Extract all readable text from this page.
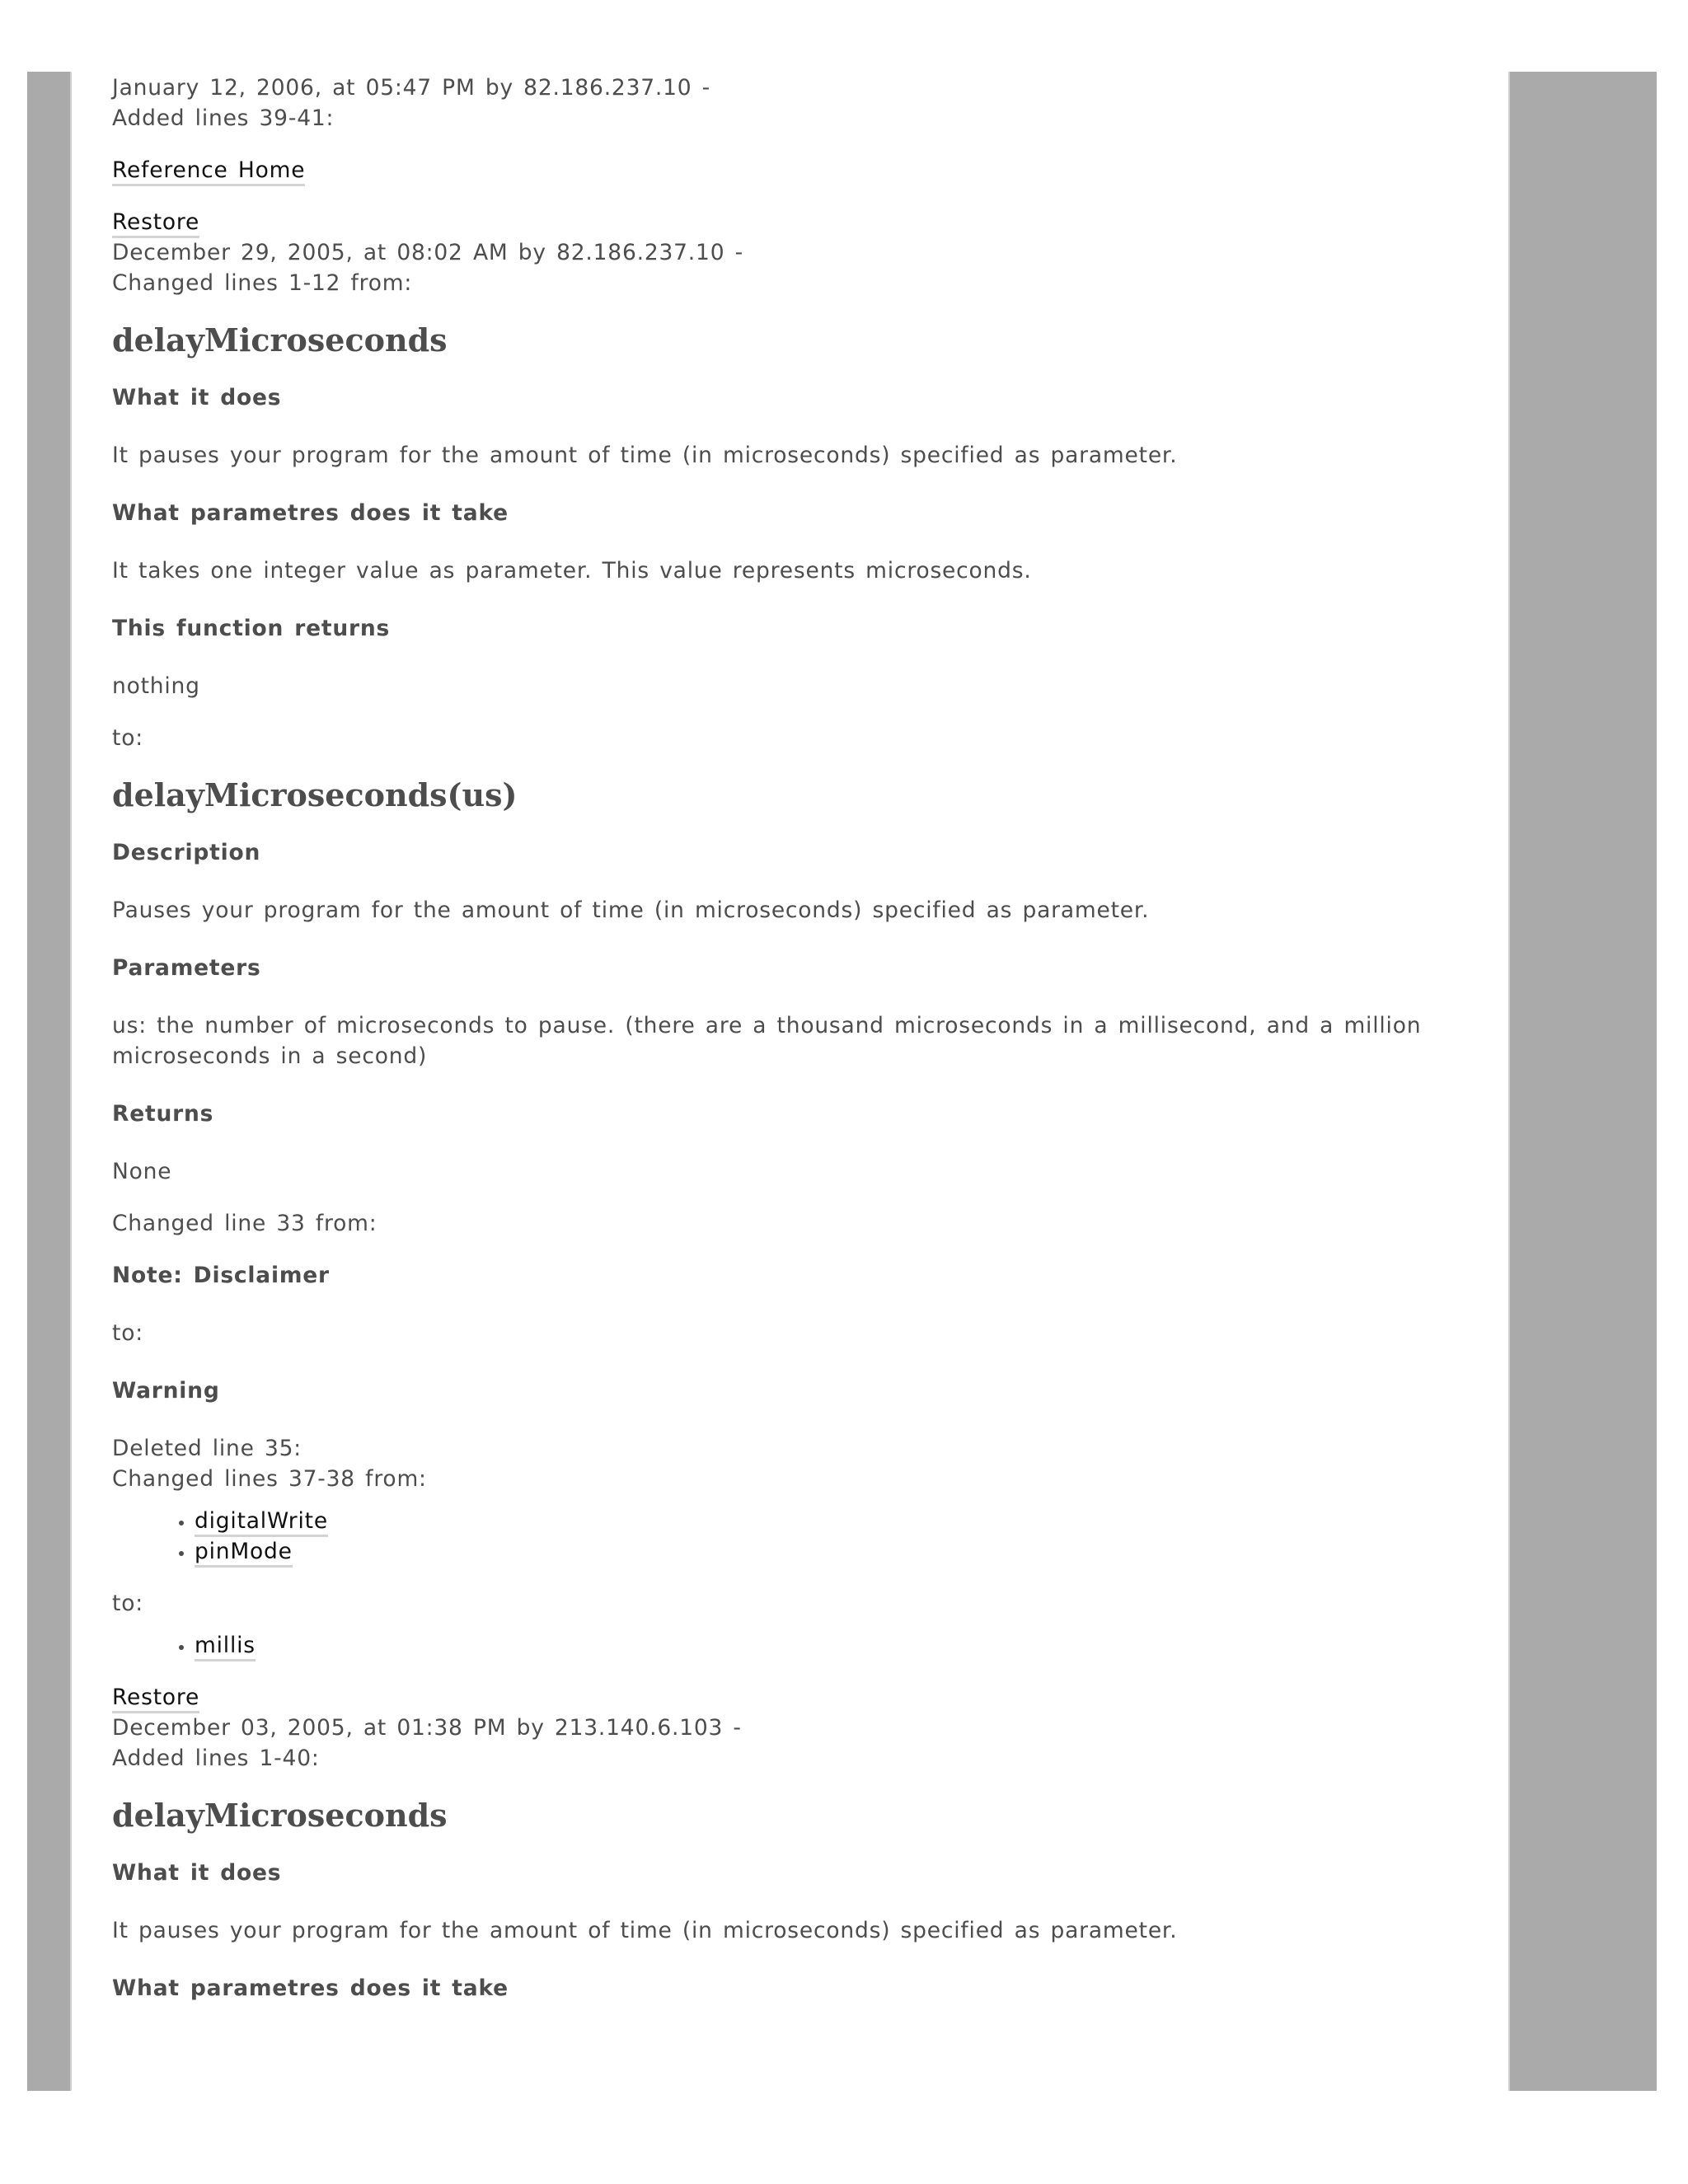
January 12, 2006, at 05:47 PM by 82.186.237.10 -

Added lines 39-41:

Reference Home

Restore

December 29, 2005, at 08:02 AM by 82.186.237.10 -

Changed lines 1-12 from:

delayMicroseconds
What it does

It pauses your program for the amount of time (in microseconds) specified as parameter.

What parametres does it take

It takes one integer value as parameter. This value represents microseconds.

This function returns

nothing

to:

delayMicroseconds(us)
Description

Pauses your program for the amount of time (in microseconds) specified as parameter.

Parameters

us: the number of microseconds to pause. (there are a thousand microseconds in a millisecond, and a million microseconds in a second)

Returns

None

Changed line 33 from:

Note: Disclaimer

to:

Warning

Deleted line 35:

Changed lines 37-38 from:

• digitalWrite
• pinMode

to:

• millis

Restore

December 03, 2005, at 01:38 PM by 213.140.6.103 -

Added lines 1-40:

delayMicroseconds
What it does

It pauses your program for the amount of time (in microseconds) specified as parameter.

What parametres does it take
